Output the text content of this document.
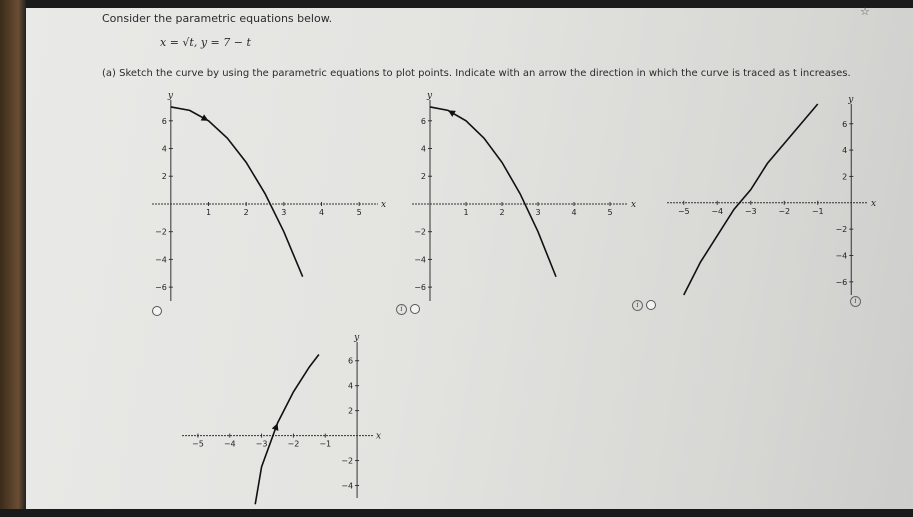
☆
Consider the parametric equations below.
x = √t, y = 7 − t
(a) Sketch the curve by using the parametric equations to plot points. Indicate with an arrow the direction in which the curve is traced as t increases.
x
y
1	2	3	4	5
6
4
2
−2
−4
−6
x
y
1	2	3	4	5
6
4
2
−2
−4
−6
x
y
−5	−4	−3	−2	−1
6
4
2
−2
−4
−6
x
y
−5	−4	−3	−2	−1
6
4
2
−2
−4
i	i	i
